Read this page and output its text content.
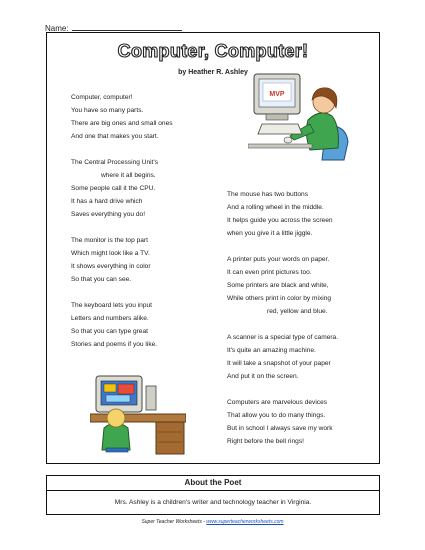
Name:
Computer, Computer!
by Heather R. Ashley
Computer, computer!
You have so many parts.
There are big ones and small ones
And one that makes you start.
The Central Processing Unit's
where it all begins.
Some people call it the CPU.
It has a hard drive which
Saves everything you do!
The monitor is the top part
Which might look like a TV.
It shows everything in color
So that you can see.
The keyboard lets you input
Letters and numbers alike.
So that you can type great
Stories and poems if you like.
The mouse has two buttons
And a rolling wheel in the middle.
It helps guide you across the screen
when you give it a little jiggle.
A printer puts your words on paper.
It can even print pictures too.
Some printers are black and white,
While others print in color by mixing
red, yellow and blue.
A scanner is a special type of camera.
It's quite an amazing machine.
It will take a snapshot of your paper
And put it on the screen.
Computers are marvelous devices
That allow you to do many things.
But in school I always save my work
Right before the bell rings!
MVP
About the Poet
Mrs. Ashley is a children's writer and technology teacher in Virginia.
Super Teacher Worksheets - www.superteacherworksheets.com
